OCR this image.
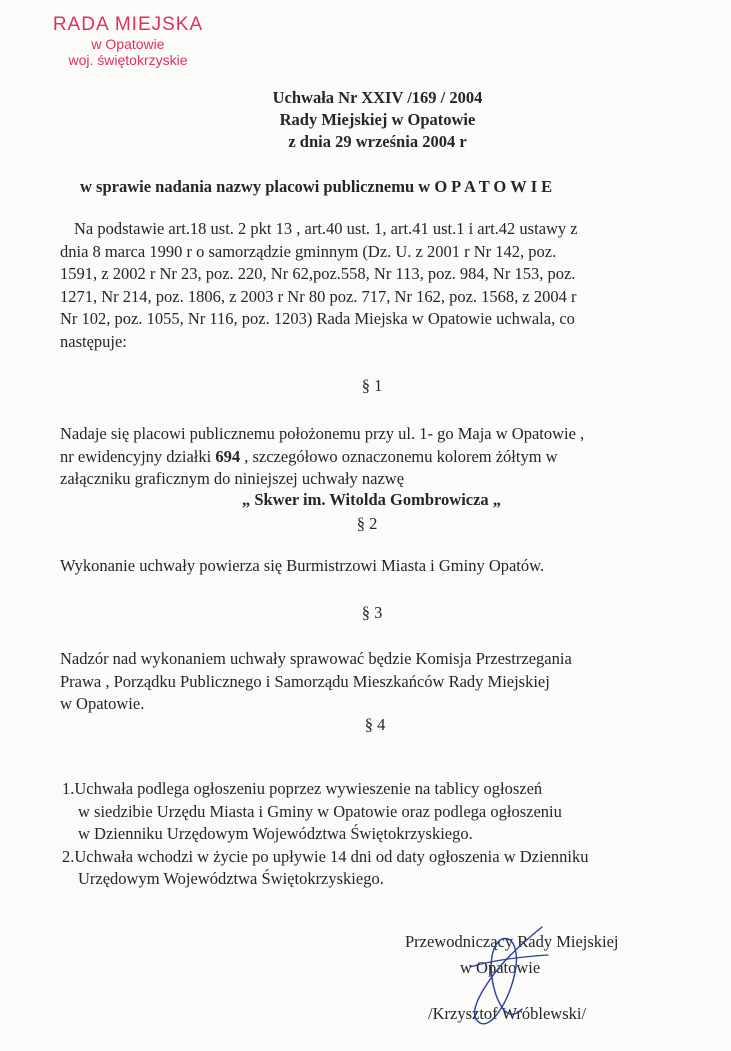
RADA MIEJSKA
w Opatowie
woj. świętokrzyskie
Uchwała Nr XXIV /169 / 2004
Rady Miejskiej w Opatowie
z dnia 29 września 2004 r
w sprawie nadania nazwy placowi publicznemu w OPATOWIE
Na podstawie art.18 ust. 2 pkt 13 , art.40 ust. 1, art.41 ust.1 i art.42 ustawy z
dnia 8 marca 1990 r o samorządzie gminnym (Dz. U. z 2001 r Nr 142, poz.
1591, z 2002 r Nr 23, poz. 220, Nr 62,poz.558, Nr 113, poz. 984, Nr 153, poz.
1271, Nr 214, poz. 1806, z 2003 r Nr 80 poz. 717, Nr 162, poz. 1568, z 2004 r
Nr 102, poz. 1055, Nr 116, poz. 1203) Rada Miejska w Opatowie uchwala, co
następuje:
§ 1
Nadaje się placowi publicznemu położonemu przy ul. 1- go Maja w Opatowie ,
nr ewidencyjny działki 694 , szczegółowo oznaczonemu kolorem żółtym w
załączniku graficznym do niniejszej uchwały nazwę
„ Skwer im. Witolda Gombrowicza „
§ 2
Wykonanie uchwały powierza się Burmistrzowi Miasta i Gminy Opatów.
§ 3
Nadzór nad wykonaniem uchwały sprawować będzie Komisja Przestrzegania
Prawa , Porządku Publicznego i Samorządu Mieszkańców Rady Miejskiej
w Opatowie.
§ 4
1.Uchwała podlega ogłoszeniu poprzez wywieszenie na tablicy ogłoszeń
w siedzibie Urzędu Miasta i Gminy w Opatowie oraz podlega ogłoszeniu
w Dzienniku Urzędowym Województwa Świętokrzyskiego.
2.Uchwała wchodzi w życie po upływie 14 dni od daty ogłoszenia w Dzienniku
Urzędowym Województwa Świętokrzyskiego.
Przewodniczący Rady Miejskiej
w Opatowie
/Krzysztof Wróblewski/
